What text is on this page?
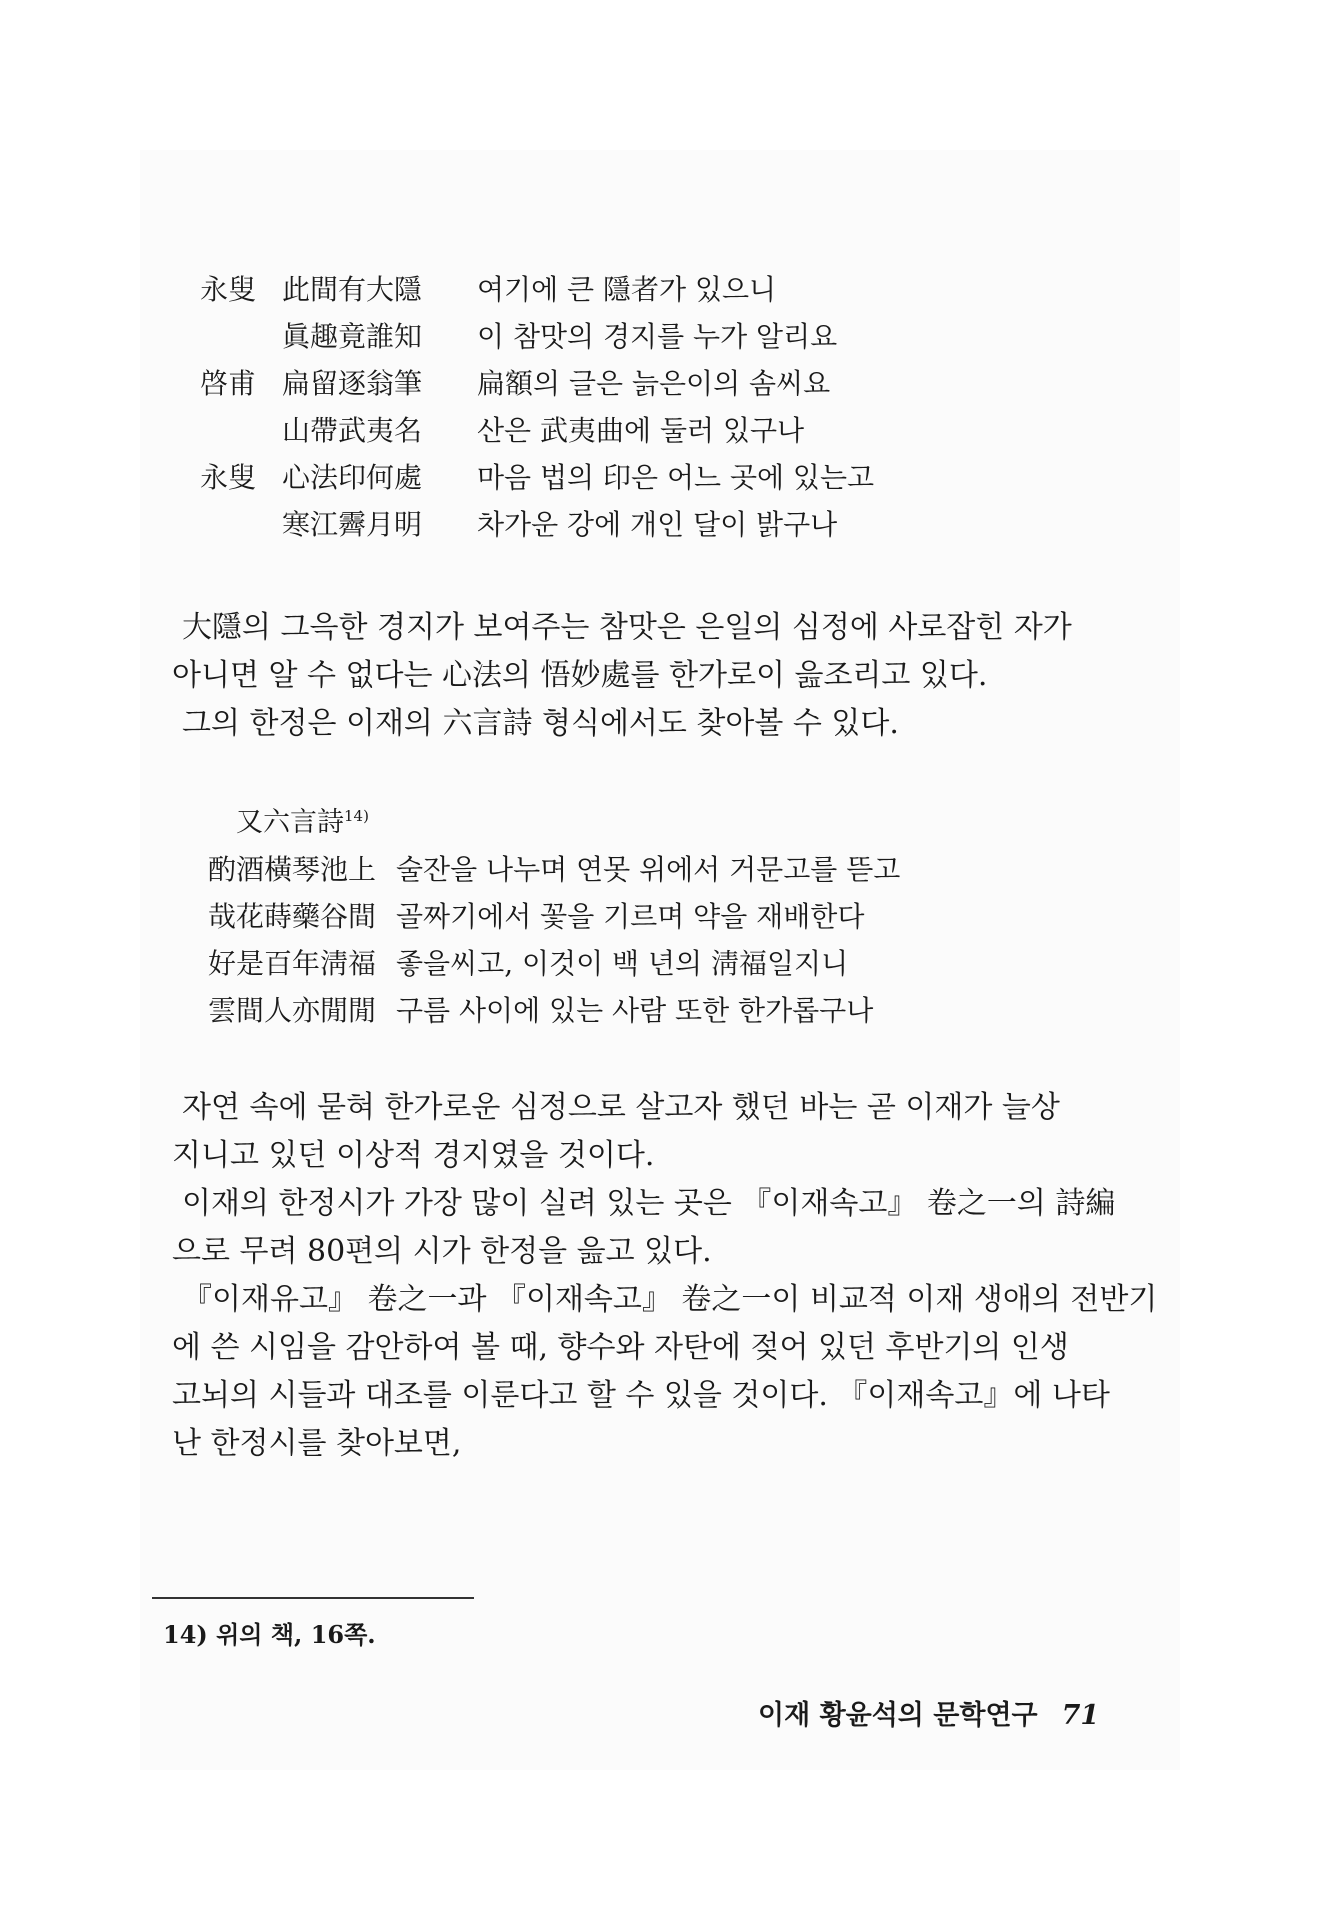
永叟 此間有大隱	여기에 큰 隱者가 있으니
眞趣竟誰知	이 참맛의 경지를 누가 알리요
啓甫 扁留逐翁筆	扁額의 글은 늙은이의 솜씨요
山帶武夷名	산은 武夷曲에 둘러 있구나
永叟 心法印何處	마음 법의 印은 어느 곳에 있는고
寒江霽月明	차가운 강에 개인 달이 밝구나

大隱의 그윽한 경지가 보여주는 참맛은 은일의 심정에 사로잡힌 자가

아니면 알 수 없다는 心法의 悟妙處를 한가로이 읊조리고 있다.

그의 한정은 이재의 六言詩 형식에서도 찾아볼 수 있다.

又六言詩$^{14)}$
酌酒橫琴池上 술잔을 나누며 연못 위에서 거문고를 뜯고
哉花蒔藥谷間 골짜기에서 꽃을 기르며 약을 재배한다
好是百年淸福 좋을씨고, 이것이 백 년의 淸福일지니
雲間人亦閒閒 구름 사이에 있는 사람 또한 한가롭구나

자연 속에 묻혀 한가로운 심정으로 살고자 했던 바는 곧 이재가 늘상

지니고 있던 이상적 경지였을 것이다.

이재의 한정시가 가장 많이 실려 있는 곳은 『이재속고』 卷之一의 詩編

으로 무려 80편의 시가 한정을 읊고 있다.

『이재유고』 卷之一과 『이재속고』 卷之一이 비교적 이재 생애의 전반기

에 쓴 시임을 감안하여 볼 때, 향수와 자탄에 젖어 있던 후반기의 인생

고뇌의 시들과 대조를 이룬다고 할 수 있을 것이다. 『이재속고』에 나타

난 한정시를 찾아보면,

14) 위의 책, 16쪽.
이재 황윤석의 문학연구 71
